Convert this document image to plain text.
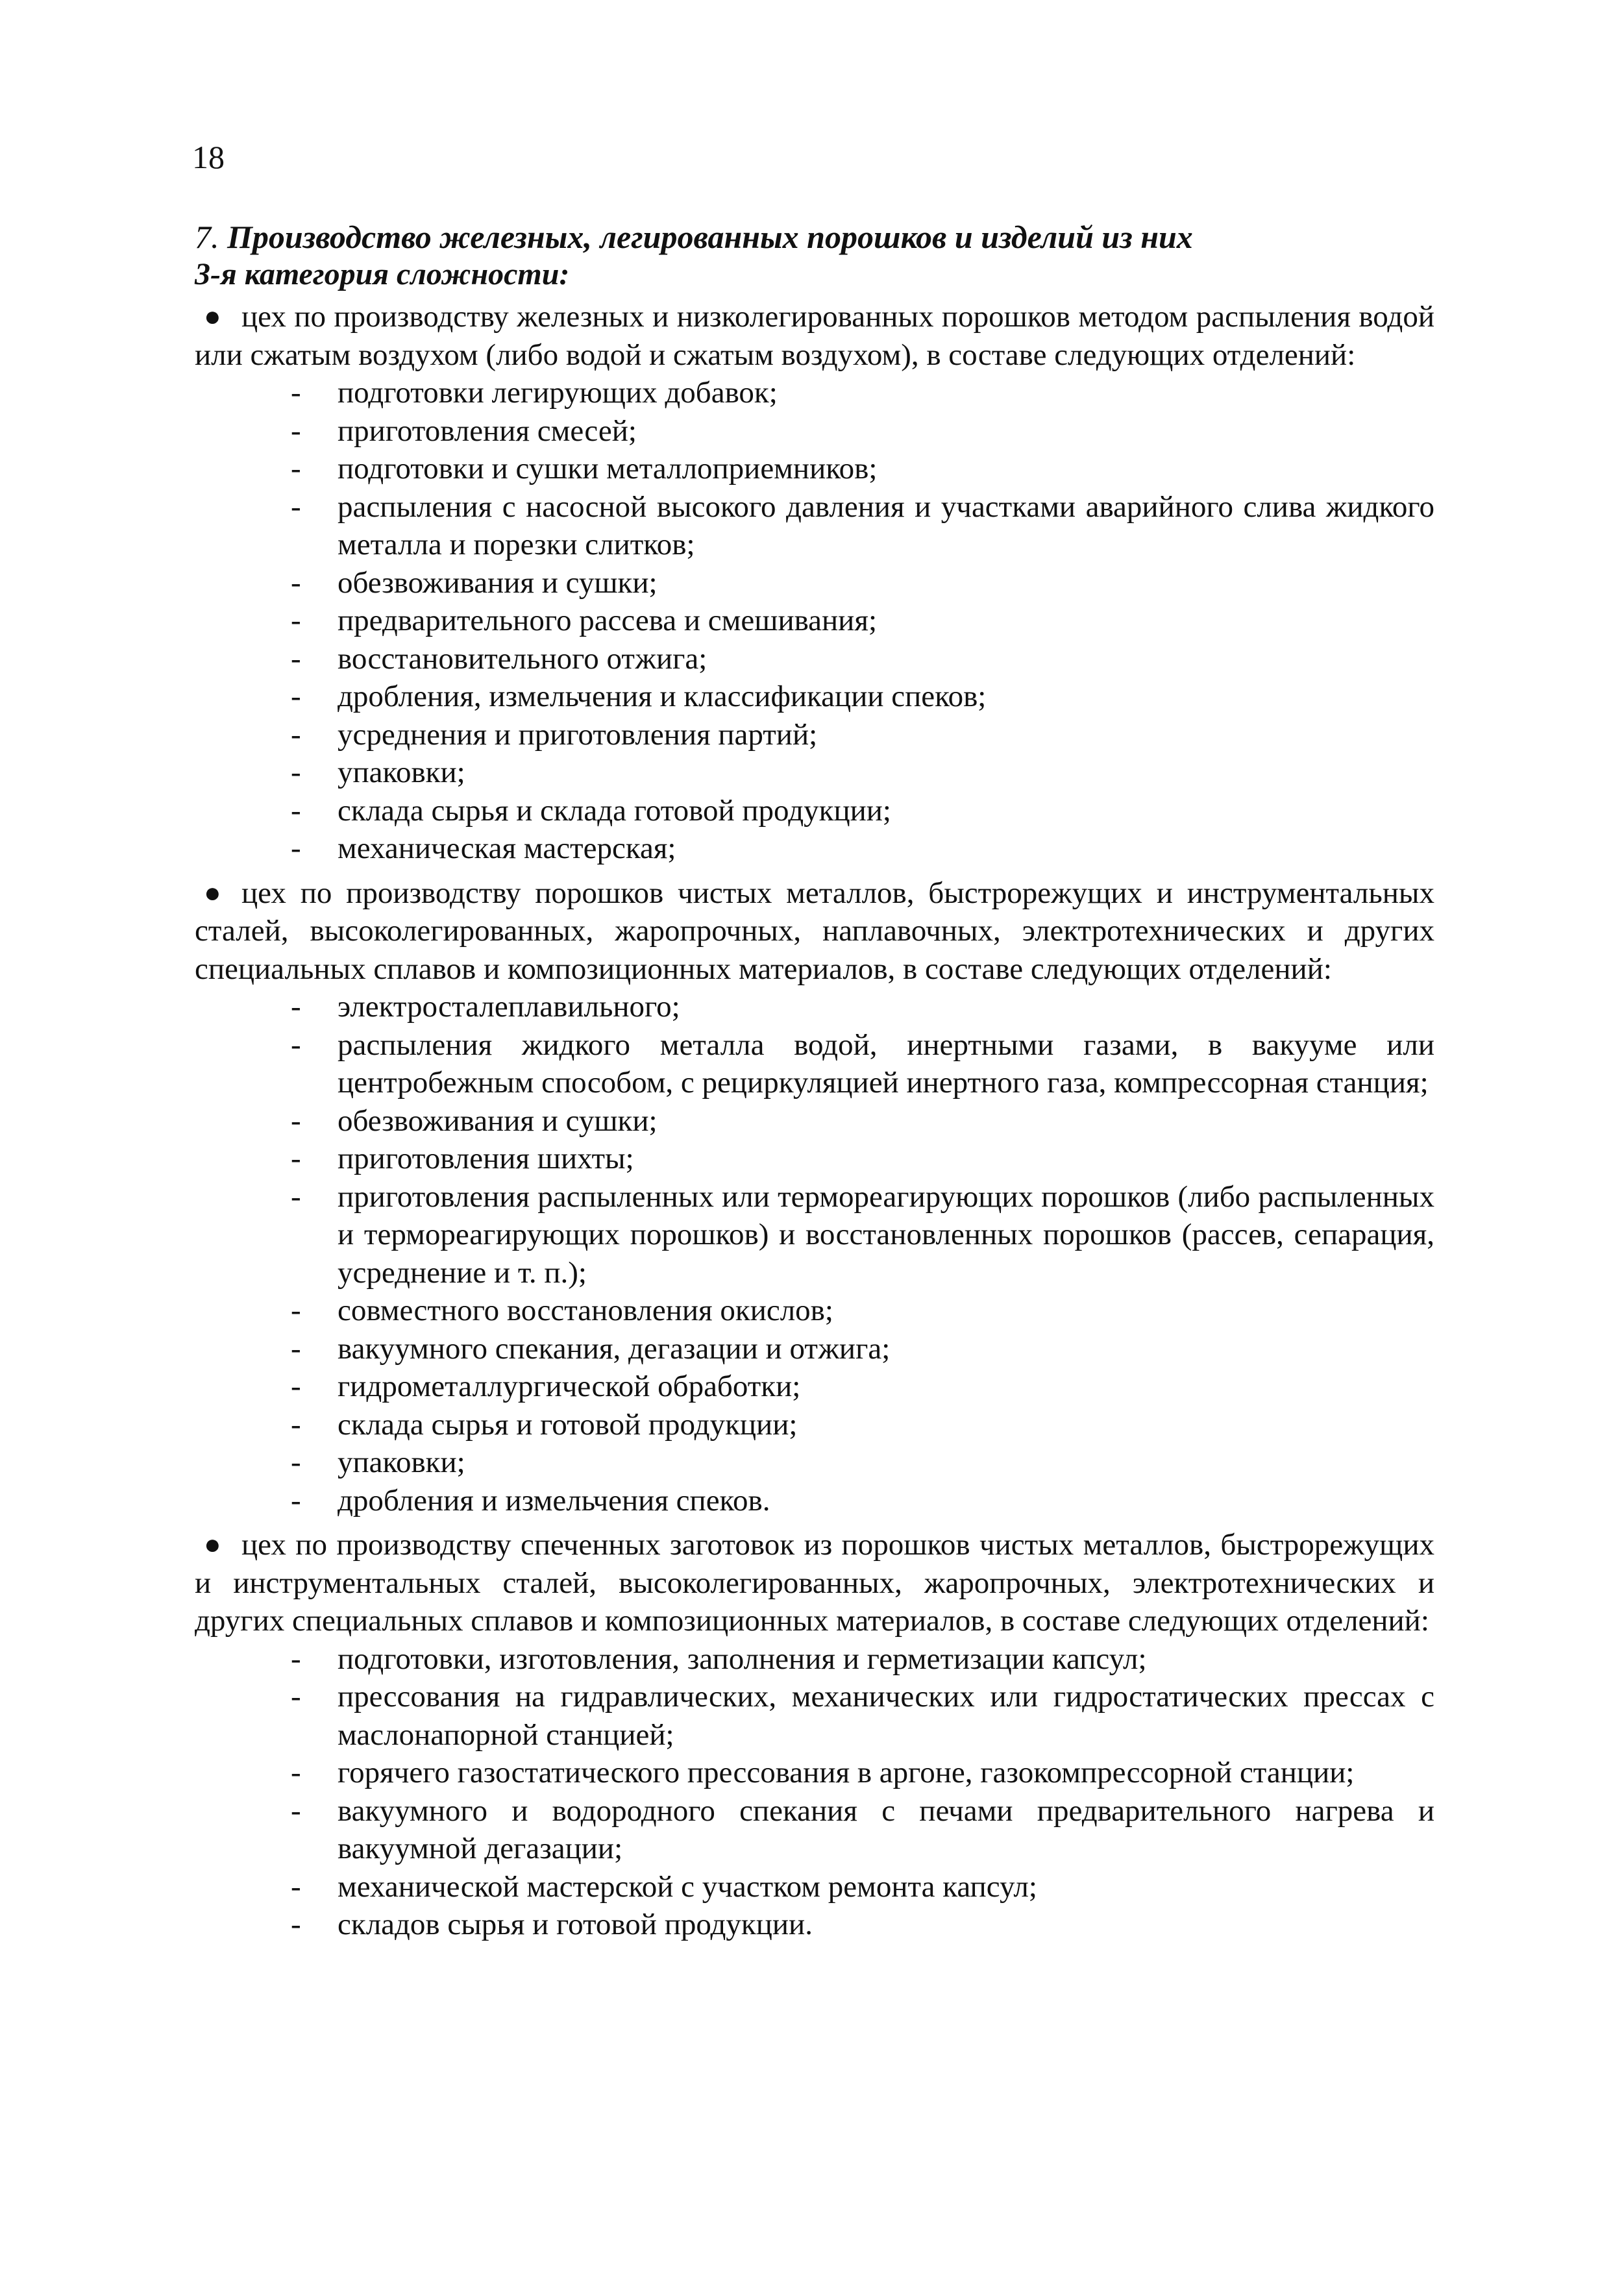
18

7. Производство железных, легированных порошков и изделий из них

3-я категория сложности:

● цех по производству железных и низколегированных порошков методом распыления водой или сжатым воздухом (либо водой и сжатым воздухом), в составе следующих отделений:

- подготовки легирующих добавок;
- приготовления смесей;
- подготовки и сушки металлоприемников;
- распыления с насосной высокого давления и участками аварийного слива жидкого металла и порезки слитков;
- обезвоживания и сушки;
- предварительного рассева и смешивания;
- восстановительного отжига;
- дробления, измельчения и классификации спеков;
- усреднения и приготовления партий;
- упаковки;
- склада сырья и склада готовой продукции;
- механическая мастерская;

● цех по производству порошков чистых металлов, быстрорежущих и инструментальных сталей, высоколегированных, жаропрочных, наплавочных, электротехнических и других специальных сплавов и композиционных материалов, в составе следующих отделений:

- электросталеплавильного;
- распыления жидкого металла водой, инертными газами, в вакууме или центробежным способом, с рециркуляцией инертного газа, компрессорная станция;
- обезвоживания и сушки;
- приготовления шихты;
- приготовления распыленных или термореагирующих порошков (либо распыленных и термореагирующих порошков) и восстановленных порошков (рассев, сепарация, усреднение и т. п.);
- совместного восстановления окислов;
- вакуумного спекания, дегазации и отжига;
- гидрометаллургической обработки;
- склада сырья и готовой продукции;
- упаковки;
- дробления и измельчения спеков.

● цех по производству спеченных заготовок из порошков чистых металлов, быстрорежущих и инструментальных сталей, высоколегированных, жаропрочных, электротехнических и других специальных сплавов и композиционных материалов, в составе следующих отделений:

- подготовки, изготовления, заполнения и герметизации капсул;
- прессования на гидравлических, механических или гидростатических прессах с маслонапорной станцией;
- горячего газостатического прессования в аргоне, газокомпрессорной станции;
- вакуумного и водородного спекания с печами предварительного нагрева и вакуумной дегазации;
- механической мастерской с участком ремонта капсул;
- складов сырья и готовой продукции.
